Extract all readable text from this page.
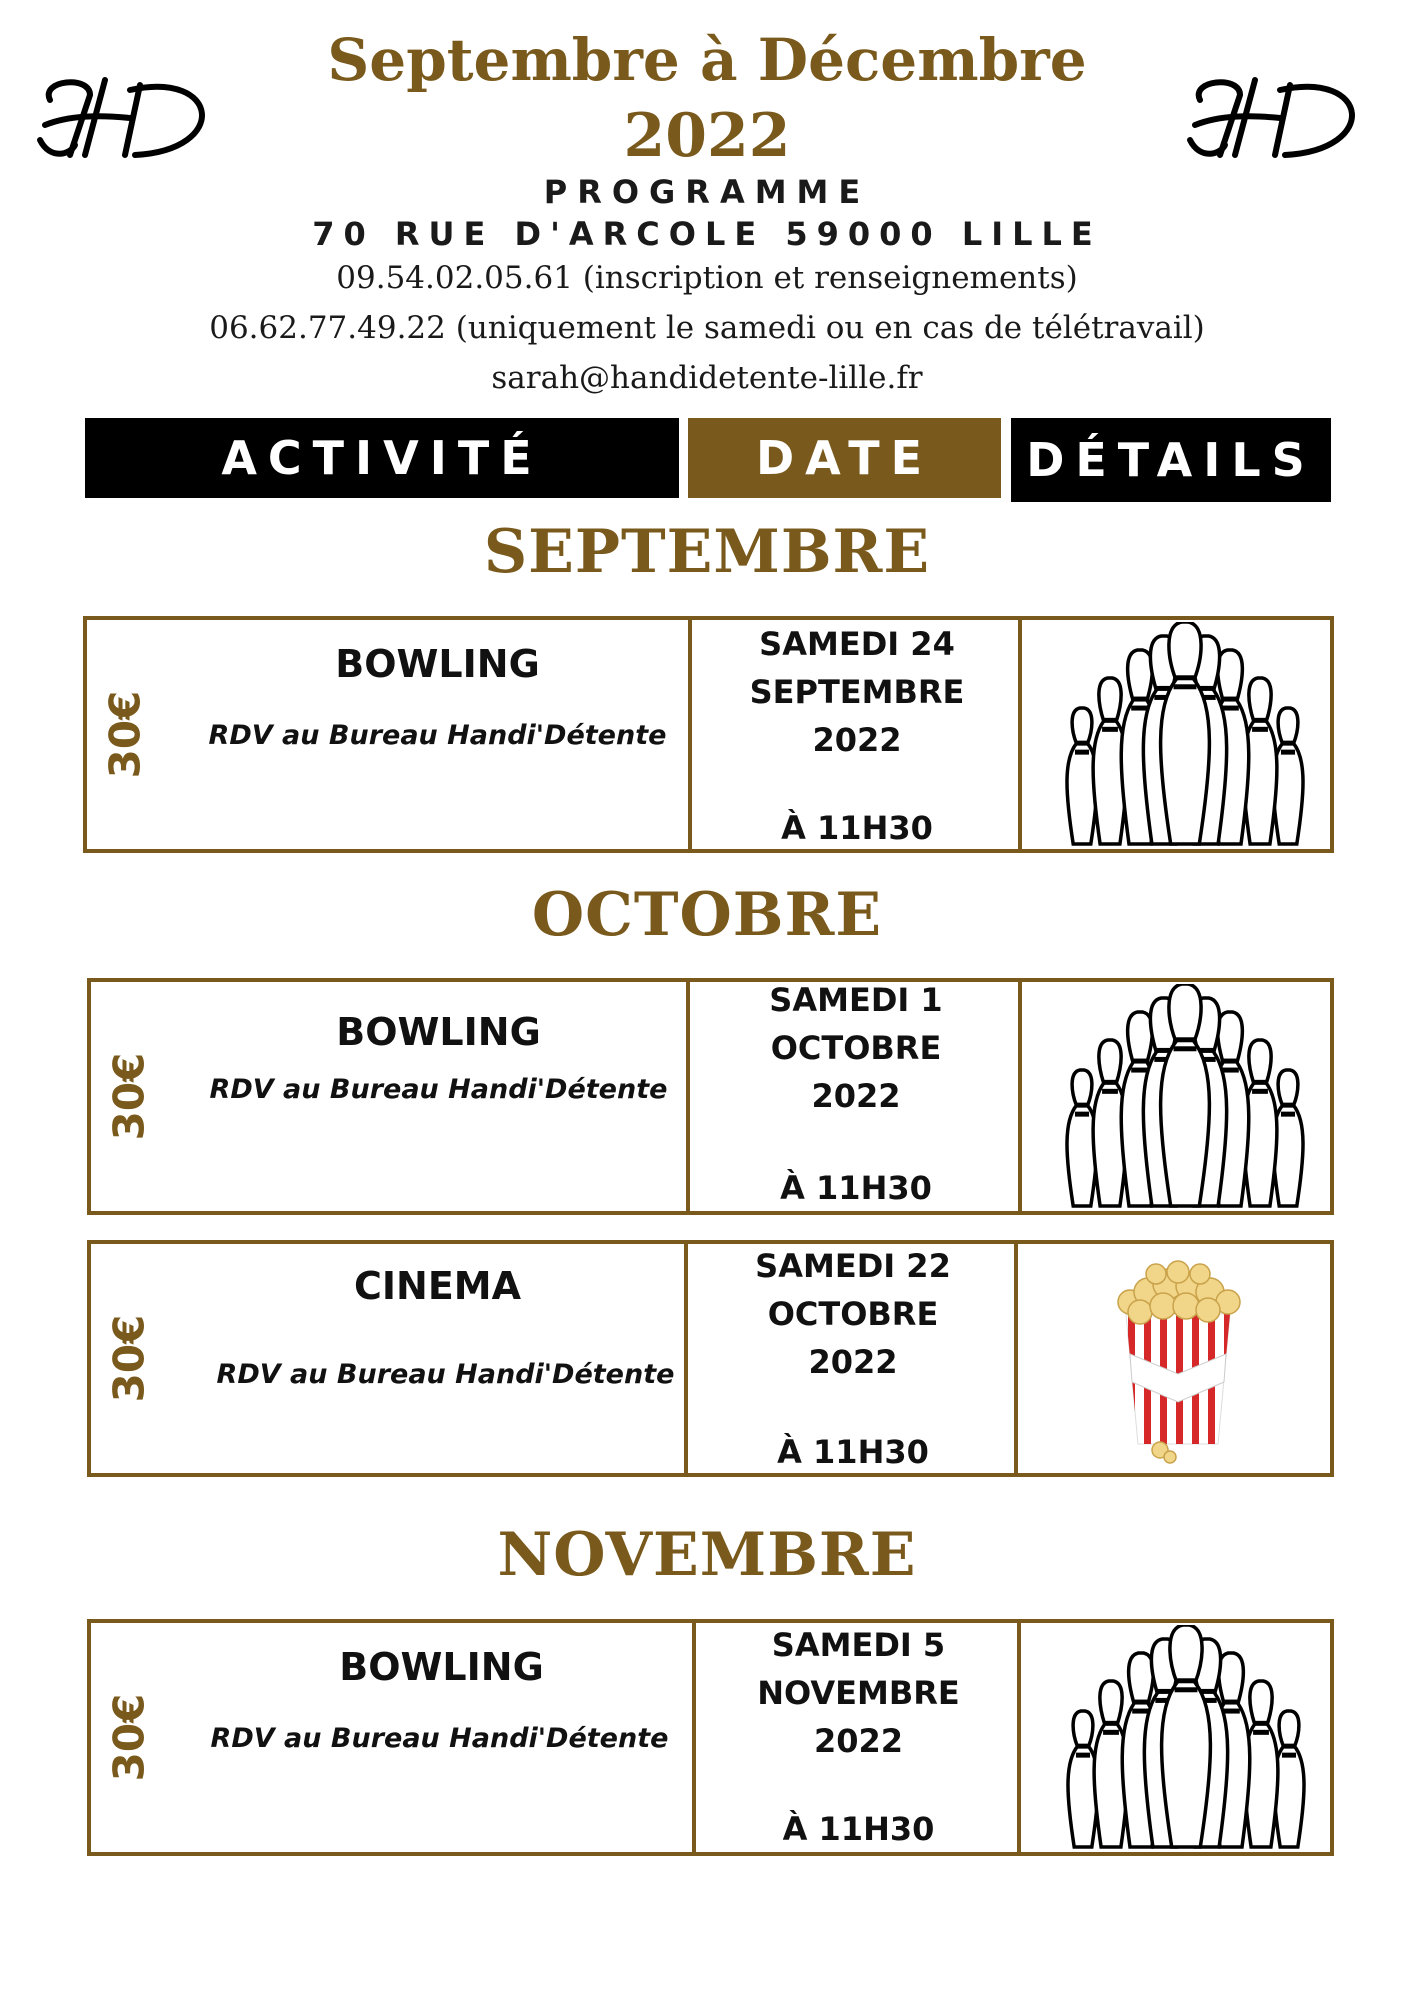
Septembre à Décembre
2022
PROGRAMME
70 RUE D'ARCOLE 59000 LILLE
09.54.02.05.61 (inscription et renseignements)
06.62.77.49.22 (uniquement le samedi ou en cas de télétravail)
sarah@handidetente-lille.fr
ACTIVITÉ	DATE	DÉTAILS
SEPTEMBRE
30€
BOWLING
RDV au Bureau Handi'Détente
SAMEDI 24
SEPTEMBRE
2022
À 11H30
OCTOBRE
30€
BOWLING
RDV au Bureau Handi'Détente
SAMEDI 1
OCTOBRE
2022
À 11H30
30€
CINEMA
RDV au Bureau Handi'Détente
SAMEDI 22
OCTOBRE
2022
À 11H30
NOVEMBRE
30€
BOWLING
RDV au Bureau Handi'Détente
SAMEDI 5
NOVEMBRE
2022
À 11H30
